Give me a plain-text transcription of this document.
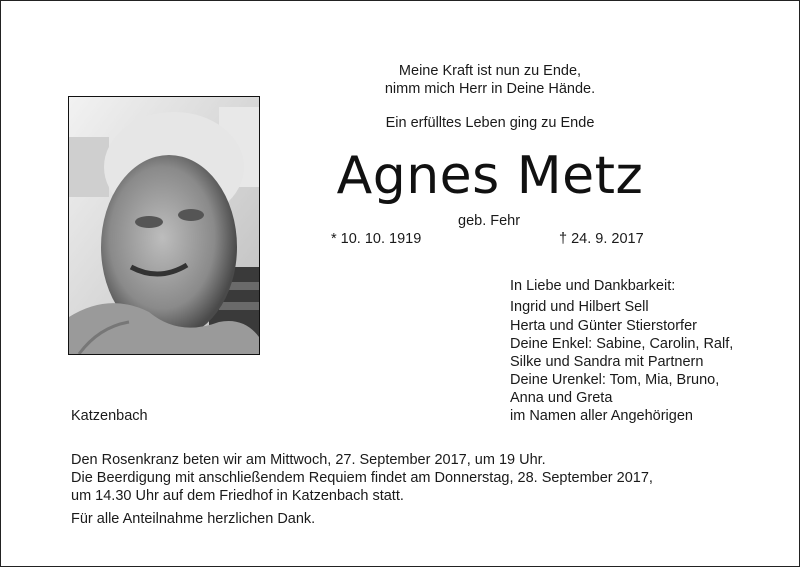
Meine Kraft ist nun zu Ende,
nimm mich Herr in Deine Hände.
Ein erfülltes Leben ging zu Ende
Agnes Metz
geb. Fehr
* 10. 10. 1919	† 24. 9. 2017
In Liebe und Dankbarkeit:
Ingrid und Hilbert Sell
Herta und Günter Stierstorfer
Deine Enkel: Sabine, Carolin, Ralf,
Silke und Sandra mit Partnern
Deine Urenkel: Tom, Mia, Bruno,
Anna und Greta
im Namen aller Angehörigen
Katzenbach
Den Rosenkranz beten wir am Mittwoch, 27. September 2017, um 19 Uhr.
Die Beerdigung mit anschließendem Requiem findet am Donnerstag, 28. September 2017,
um 14.30 Uhr auf dem Friedhof in Katzenbach statt.
Für alle Anteilnahme herzlichen Dank.
